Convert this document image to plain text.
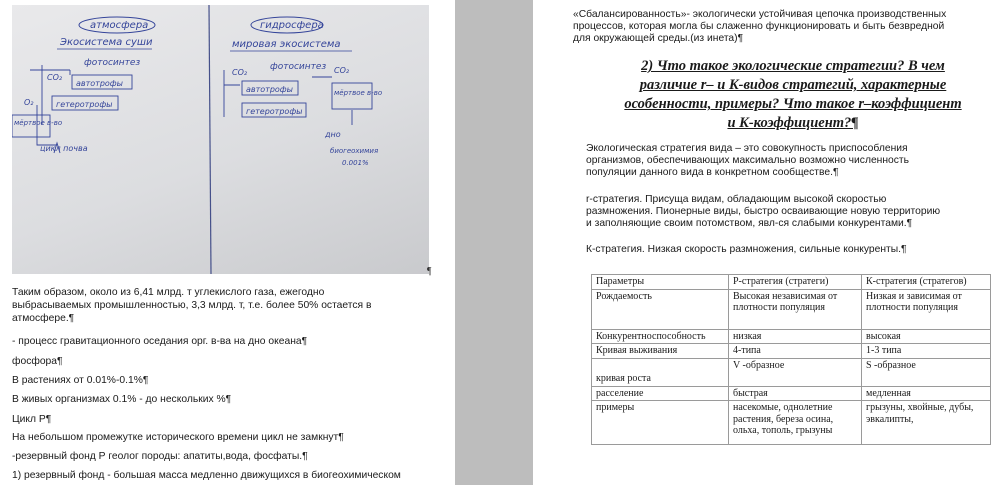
атмосфера
Экосистема суши
гидросфера
мировая экосистема
фотосинтез
CO₂
автотрофы
O₂	гетеротрофы
мёртвое в-во
цикл почва
фотосинтез
CO₂	CO₂
автотрофы
гетеротрофы
мёртвое в-во
дно
биогеохимия
0.001%
¶
Таким образом, около из 6,41 млрд. т углекислого газа, ежегодно
выбрасываемых промышленностью, 3,3 млрд. т, т.е. более 50% остается в
атмосфере.¶
- процесс гравитационного оседания орг. в-ва на дно океана¶
фосфора¶
В растениях от 0.01%-0.1%¶
В живых организмах 0.1% - до нескольких %¶
Цикл Р¶
На небольшом промежутке исторического времени цикл не замкнут¶
-резервный фонд Р геолог породы: апатиты,вода, фосфаты.¶
1) резервный фонд - большая масса медленно движущихся в биогеохимическом
«Сбалансированность»- экологически устойчивая цепочка производственных
процессов, которая могла бы слаженно функционировать и быть безвредной
для окружающей среды.(из инета)¶
2) Что такое экологические стратегии? В чем
различие r– и K-видов стратегий, характерные
особенности, примеры? Что такое r–коэффициент
и K-коэффициент?¶
Экологическая стратегия вида – это совокупность приспособления
организмов, обеспечивающих максимально возможно численность
популяции данного вида в конкретном сообществе.¶
r-стратегия. Присуща видам, обладающим высокой скоростью
размножения. Пионерные виды, быстро осваивающие новую территорию
и заполняющие своим потомством, явл-ся слабыми конкурентами.¶
К-стратегия. Низкая скорость размножения, сильные конкуренты.¶
Параметры	Р-стратегия (стратеги)	К-стратегия (стратегов)
Рождаемость	Высокая независимая от плотности популяция	Низкая и зависимая от плотности популяция
Конкурентноспособность	низкая	высокая
Кривая выживания	4-типа	1-3 типа
кривая роста	V -образное	S -образное
расселение	быстрая	медленная
примеры	насекомые, однолетние растения, береза осина, ольха, тополь, грызуны	грызуны, хвойные, дубы, эвкалипты,
